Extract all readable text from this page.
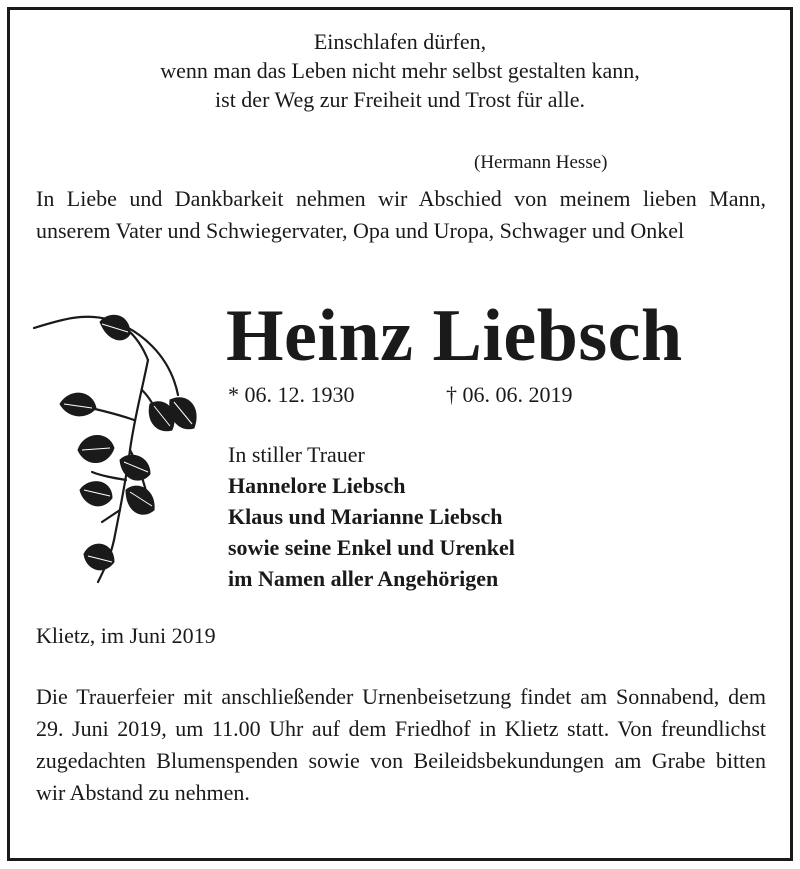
Einschlafen dürfen,
wenn man das Leben nicht mehr selbst gestalten kann,
ist der Weg zur Freiheit und Trost für alle.
(Hermann Hesse)
In Liebe und Dankbarkeit nehmen wir Abschied von meinem lieben Mann, unserem Vater und Schwiegervater, Opa und Uropa, Schwager und Onkel
Heinz Liebsch
* 06. 12. 1930	† 06. 06. 2019
In stiller Trauer
Hannelore Liebsch
Klaus und Marianne Liebsch
sowie seine Enkel und Urenkel
im Namen aller Angehörigen
Klietz, im Juni 2019
Die Trauerfeier mit anschließender Urnenbeisetzung findet am Sonnabend, dem 29. Juni 2019, um 11.00 Uhr auf dem Friedhof in Klietz statt. Von freundlichst zugedachten Blumenspenden sowie von Beileidsbekundungen am Grabe bitten wir Abstand zu nehmen.
